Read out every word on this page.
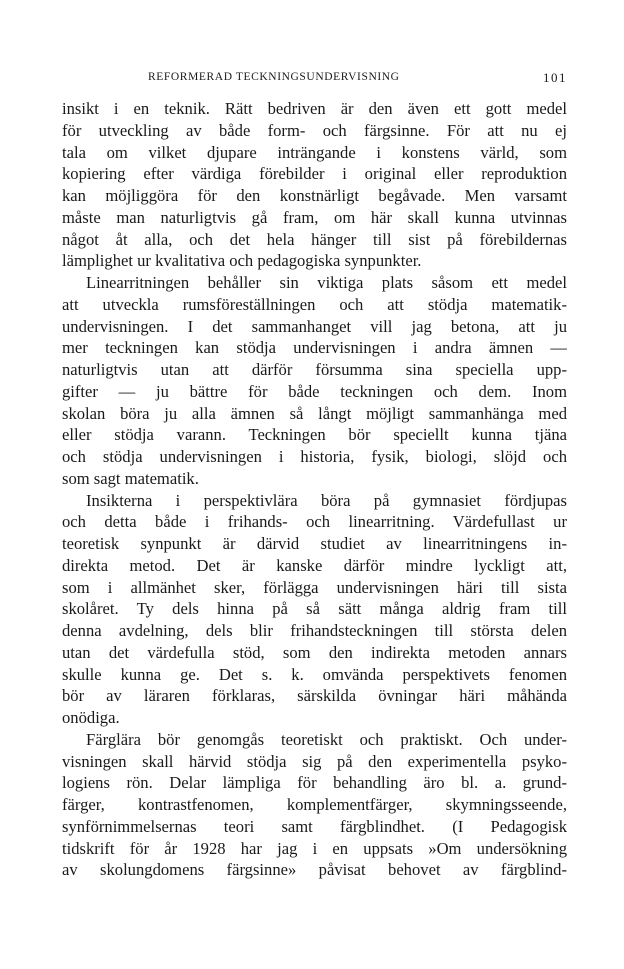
REFORMERAD TECKNINGSUNDERVISNING	101
insikt i en teknik. Rätt bedriven är den även ett gott medel
för utveckling av både form- och färgsinne. För att nu ej
tala om vilket djupare inträngande i konstens värld, som
kopiering efter värdiga förebilder i original eller reproduktion
kan möjliggöra för den konstnärligt begåvade. Men varsamt
måste man naturligtvis gå fram, om här skall kunna utvinnas
något åt alla, och det hela hänger till sist på förebildernas
lämplighet ur kvalitativa och pedagogiska synpunkter.
Linearritningen behåller sin viktiga plats såsom ett medel
att utveckla rumsföreställningen och att stödja matematik-
undervisningen. I det sammanhanget vill jag betona, att ju
mer teckningen kan stödja undervisningen i andra ämnen —
naturligtvis utan att därför försumma sina speciella upp-
gifter — ju bättre för både teckningen och dem. Inom
skolan böra ju alla ämnen så långt möjligt sammanhänga med
eller stödja varann. Teckningen bör speciellt kunna tjäna
och stödja undervisningen i historia, fysik, biologi, slöjd och
som sagt matematik.
Insikterna i perspektivlära böra på gymnasiet fördjupas
och detta både i frihands- och linearritning. Värdefullast ur
teoretisk synpunkt är därvid studiet av linearritningens in-
direkta metod. Det är kanske därför mindre lyckligt att,
som i allmänhet sker, förlägga undervisningen häri till sista
skolåret. Ty dels hinna på så sätt många aldrig fram till
denna avdelning, dels blir frihandsteckningen till största delen
utan det värdefulla stöd, som den indirekta metoden annars
skulle kunna ge. Det s. k. omvända perspektivets fenomen
bör av läraren förklaras, särskilda övningar häri måhända
onödiga.
Färglära bör genomgås teoretiskt och praktiskt. Och under-
visningen skall härvid stödja sig på den experimentella psyko-
logiens rön. Delar lämpliga för behandling äro bl. a. grund-
färger, kontrastfenomen, komplementfärger, skymningsseende,
synförnimmelsernas teori samt färgblindhet. (I Pedagogisk
tidskrift för år 1928 har jag i en uppsats »Om undersökning
av skolungdomens färgsinne» påvisat behovet av färgblind-
